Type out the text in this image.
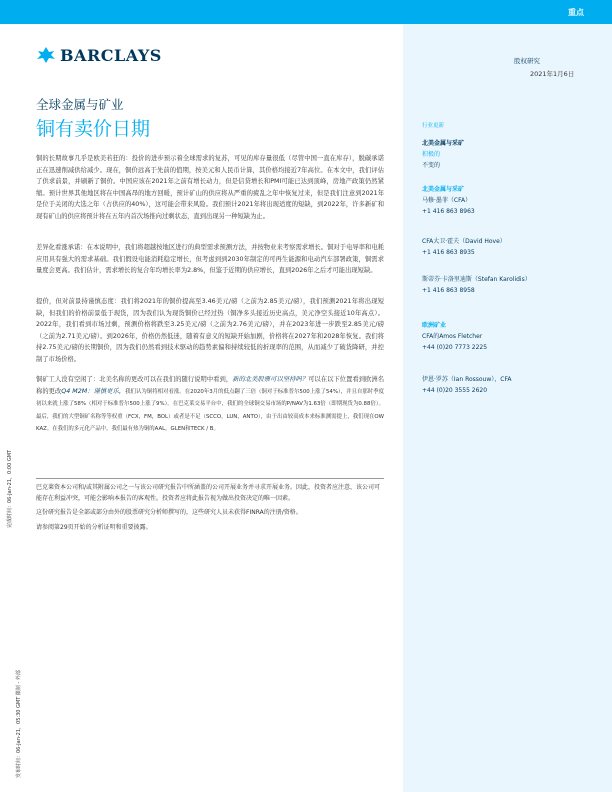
重点
BARCLAYS	股权研究
2021年1月6日
全球金属与矿业
铜有卖价日期
铜的长期故事几乎是欧美若狂的：投价的进步预示着全球需求的复苏，可见的库存量很低（尽管中国一直在库存），脱碳承诺正在迅速削减供给减少。现在，铜价远高于先前的值期，按美元和人民币计算，其价格均接近7年高位。在本文中，我们评估了供求前景，并刷新了铜价。中国应该在2021年之前有增长动力，但是信贷增长和PMI可能已达到顶峰，房地产政策仍然紧缩。预计世界其他地区将在中国高昂的地方回暖，预计矿山的供应将从严重的疲乱之年中恢复过来，但是我们注意到2021年是位于关闭的大选之年（占供应的40%），这可能会带来风险。我们预计2021年将出现适度的短缺，到2022年，许多新矿和现有矿山的供应将预计将在五年内首次场推向过剩状态，直到出现另一种短缺为止。
差异化看涨承诺：在本说明中，我们将超越按地区进行的典型需求预测方法，并按物业来考察需求增长。铜对于电导率和电耗应用具有强大的需求基础。我们假设电能消耗稳定增长，但考虑到到2030年制定的可再生能源和电动汽车部署政策，铜需求量度会更高。我们估计，需求增长的复合年均增长率为2.8%，但鉴于近期的供应增长，直到2026年之后才可能出现短缺。
提价，但对前景持谨慎态度：我们将2021年的铜价提高至3.46美元/磅（之前为2.85美元/磅），我们预测2021年将出现短缺，但我们的价格前景低于现货，因为我们认为现货铜价已经过热（铜净多头接近历史高点，美元净空头接近10年高点）。2022年，我们看到市场过剩，预测价格将跌至3.25美元/磅（之前为2.76美元/磅），并在2023年进一步跌至2.85美元/磅（之前为2.71美元/磅）。到2026年，价格仍然低迷，随着有意义的短缺开始加剧，价格将在2027年和2028年恢复。我们将持2.75美元/磅的长期铜价，因为我们仍然看到技术驱动的趋势素偏和持续较低的折现率的范围，从而减少了破货降研，并控制了市场价格。
铜矿工人没有空闲了：北美名称的更改可以在我们的随行说明中看到，新的北美股票可以坚持吗？可以在以下位置看到欧洲名称的更改Q4 M2M：谨慎更乐，我们认为铜将相对看涨。在2020年3月的低点翻了三倍（铜对于标准普尔500上涨了54%），并且自那时季度初以来就上涨了58%（相对于标准普尔500上涨了9%）。在巴克莱交易平台中，我们的全球铜交易市场的P/NAV为1.63倍（即期现货为0.88倍）。最后，我们的大型铜矿名称等等权重（FCX，FM，BOL）或者是不足（SCCO，LUN，ANTO），由于出由较高成本来标准测需提上，我们现在OW KAZ。在我们的多元化产品中，我们最有热为铜的AAL，GLEN和TECK / B。

巴克莱资本公司和/或其附属公司之一与该公司研究报告中所涵盖的公司开展业务并寻求开展业务。因此，投资者应注意，该公司可能存在利益冲突，可能会影响本报告的客观性。投资者应将此报告视为做出投资决定的唯一因素。

这份研究报告是全部或部分由外的股票研究分析师撰写的，这些研究人员未获得FINRA的注册/资格。

请参阅第29页开始的分析证明和重要披露。

行业更新
北美金属与采矿
积极的
不变的
北美金属与采矿
马修·墨菲（CFA）
+1 416 863 8963
CFA大卫·霍夫（David Hove）
+1 416 863 8935
斯蒂芬·卡洛里迪斯（Stefan Karolidis）
+1 416 863 8958
欧洲矿业
CFA的Amos Fletcher
+44 (0)20 7773 2225
伊恩·罗苏（Ian Rossouw），CFA
+44 (0)20 3555 2620
完成时间：06-Jan-21，0:00 GMT
发布时间：06-Jan-21，05:30 GMT 限制 - 外部
